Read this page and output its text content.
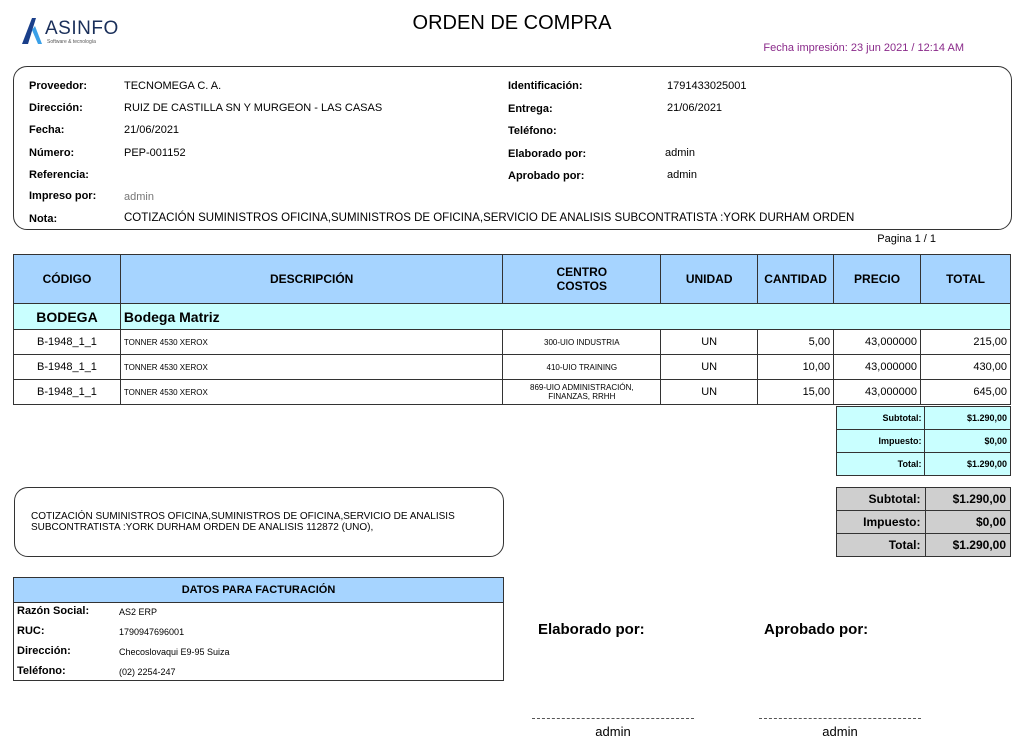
ASINFO
Software & tecnología
ORDEN DE COMPRA
Fecha impresión: 23 jun 2021 / 12:14 AM
Proveedor:	TECNOMEGA C. A.
Dirección:	RUIZ DE CASTILLA SN Y MURGEON - LAS CASAS
Fecha:	21/06/2021
Número:	PEP-001152
Referencia:
Impreso por:	admin
Nota:	COTIZACIÓN SUMINISTROS OFICINA,SUMINISTROS DE OFICINA,SERVICIO DE ANALISIS SUBCONTRATISTA :YORK DURHAM ORDEN
Identificación:	1791433025001
Entrega:	21/06/2021
Teléfono:
Elaborado por:	admin
Aprobado por:	admin
Pagina 1 / 1
CÓDIGO	DESCRIPCIÓN	CENTRO
COSTOS	UNIDAD	CANTIDAD	PRECIO	TOTAL
BODEGA	Bodega Matriz					
B-1948_1_1	TONNER 4530 XEROX	300-UIO INDUSTRIA	UN	5,00	43,000000	215,00
B-1948_1_1	TONNER 4530 XEROX	410-UIO TRAINING	UN	10,00	43,000000	430,00
B-1948_1_1	TONNER 4530 XEROX	869-UIO ADMINISTRACIÓN,
FINANZAS, RRHH	UN	15,00	43,000000	645,00
Subtotal:	$1.290,00
Impuesto:	$0,00
Total:	$1.290,00
COTIZACIÓN SUMINISTROS OFICINA,SUMINISTROS DE OFICINA,SERVICIO DE ANALISIS SUBCONTRATISTA :YORK DURHAM ORDEN DE ANALISIS 112872 (UNO),
Subtotal:	$1.290,00
Impuesto:	$0,00
Total:	$1.290,00
DATOS PARA FACTURACIÓN
Razón Social:	AS2 ERP
RUC:	1790947696001
Dirección:	Checoslovaqui E9-95 Suiza
Teléfono:	(02) 2254-247
Elaborado por:	Aprobado por:
admin	admin
